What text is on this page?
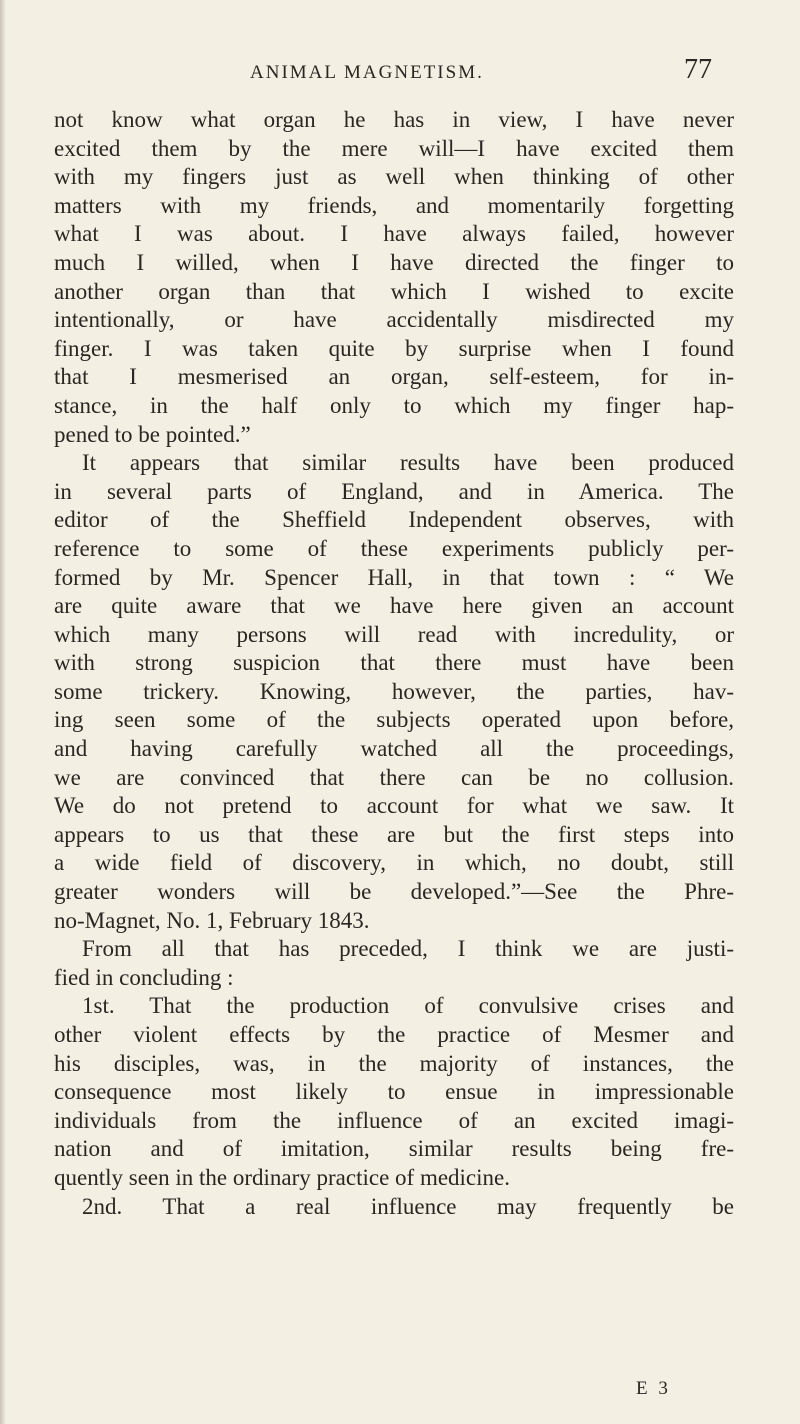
ANIMAL MAGNETISM.	77
not know what organ he has in view, I have never
excited them by the mere will—I have excited them
with my fingers just as well when thinking of other
matters with my friends, and momentarily forgetting
what I was about. I have always failed, however
much I willed, when I have directed the finger to
another organ than that which I wished to excite
intentionally, or have accidentally misdirected my
finger. I was taken quite by surprise when I found
that I mesmerised an organ, self-esteem, for in-
stance, in the half only to which my finger hap-
pened to be pointed.”
It appears that similar results have been produced
in several parts of England, and in America. The
editor of the Sheffield Independent observes, with
reference to some of these experiments publicly per-
formed by Mr. Spencer Hall, in that town : “ We
are quite aware that we have here given an account
which many persons will read with incredulity, or
with strong suspicion that there must have been
some trickery. Knowing, however, the parties, hav-
ing seen some of the subjects operated upon before,
and having carefully watched all the proceedings,
we are convinced that there can be no collusion.
We do not pretend to account for what we saw. It
appears to us that these are but the first steps into
a wide field of discovery, in which, no doubt, still
greater wonders will be developed.”—See the Phre-
no-Magnet, No. 1, February 1843.
From all that has preceded, I think we are justi-
fied in concluding :
1st. That the production of convulsive crises and
other violent effects by the practice of Mesmer and
his disciples, was, in the majority of instances, the
consequence most likely to ensue in impressionable
individuals from the influence of an excited imagi-
nation and of imitation, similar results being fre-
quently seen in the ordinary practice of medicine.
2nd. That a real influence may frequently be
E 3
